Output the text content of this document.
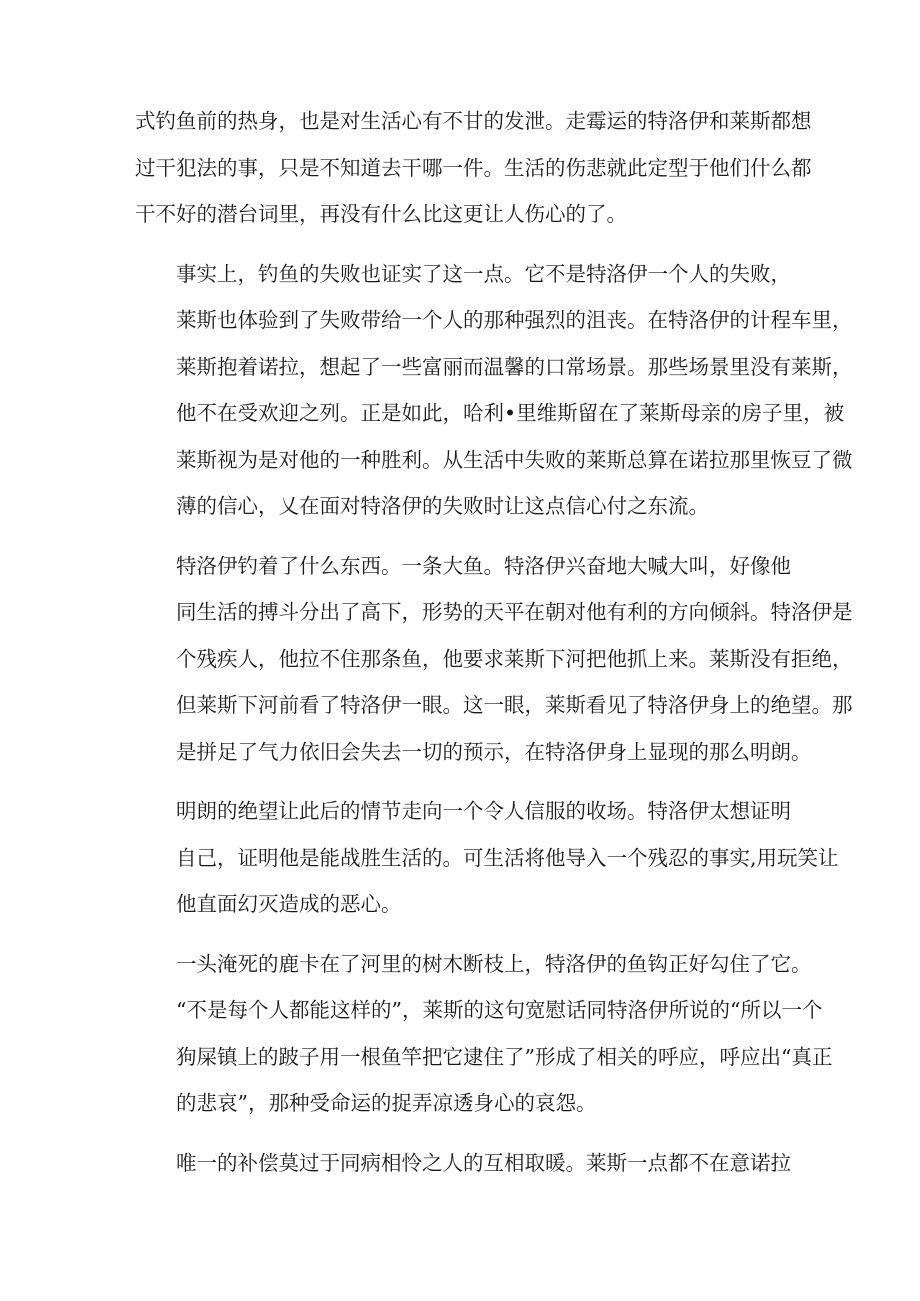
式钓鱼前的热身，也是对生活心有不甘的发泄。走霉运的特洛伊和莱斯都想
过干犯法的事，只是不知道去干哪一件。生活的伤悲就此定型于他们什么都
干不好的潜台词里，再没有什么比这更让人伤心的了。
事实上，钓鱼的失败也证实了这一点。它不是特洛伊一个人的失败，
莱斯也体验到了失败带给一个人的那种强烈的沮丧。在特洛伊的计程车里，
莱斯抱着诺拉，想起了一些富丽而温馨的口常场景。那些场景里没有莱斯，
他不在受欢迎之列。正是如此，哈利•里维斯留在了莱斯母亲的房子里，被
莱斯视为是对他的一种胜利。从生活中失败的莱斯总算在诺拉那里恢豆了微
薄的信心，乂在面对特洛伊的失败时让这点信心付之东流。
特洛伊钓着了什么东西。一条大鱼。特洛伊兴奋地大喊大叫，好像他
同生活的搏斗分出了高下，形势的天平在朝对他有利的方向倾斜。特洛伊是
个残疾人，他拉不住那条鱼，他要求莱斯下河把他抓上来。莱斯没有拒绝，
但莱斯下河前看了特洛伊一眼。这一眼，莱斯看见了特洛伊身上的绝望。那
是拼足了气力依旧会失去一切的预示，在特洛伊身上显现的那么明朗。
明朗的绝望让此后的情节走向一个令人信服的收场。特洛伊太想证明
自己，证明他是能战胜生活的。可生活将他导入一个残忍的事实,用玩笑让
他直面幻灭造成的恶心。
一头淹死的鹿卡在了河里的树木断枝上，特洛伊的鱼钩正好勾住了它。
“不是每个人都能这样的”，莱斯的这句宽慰话同特洛伊所说的“所以一个
狗屎镇上的跛子用一根鱼竿把它逮住了”形成了相关的呼应，呼应出“真正
的悲哀”，那种受命运的捉弄凉透身心的哀怨。
唯一的补偿莫过于同病相怜之人的互相取暖。莱斯一点都不在意诺拉
